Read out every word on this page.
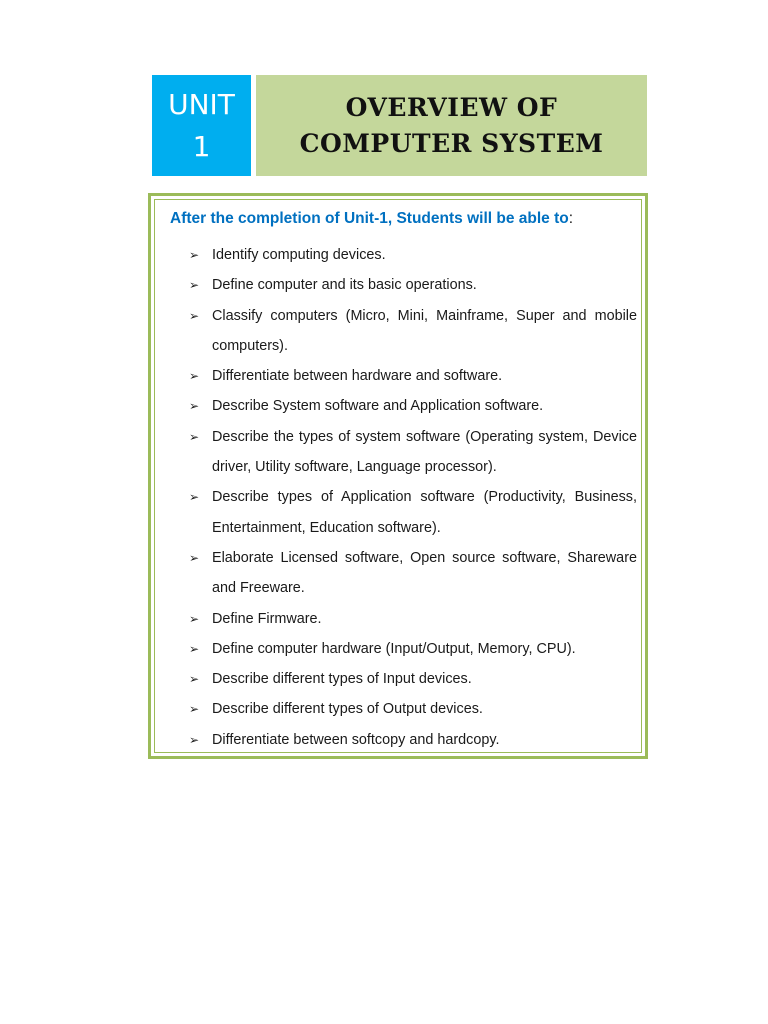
UNIT
1
OVERVIEW OF
COMPUTER SYSTEM
After the completion of Unit-1, Students will be able to:
➢ Identify computing devices.
➢ Define computer and its basic operations.
➢ Classify computers (Micro, Mini, Mainframe, Super and mobile computers).
➢ Differentiate between hardware and software.
➢ Describe System software and Application software.
➢ Describe the types of system software (Operating system, Device driver, Utility software, Language processor).
➢ Describe types of Application software (Productivity, Business, Entertainment, Education software).
➢ Elaborate Licensed software, Open source software, Shareware and Freeware.
➢ Define Firmware.
➢ Define computer hardware (Input/Output, Memory, CPU).
➢ Describe different types of Input devices.
➢ Describe different types of Output devices.
➢ Differentiate between softcopy and hardcopy.
